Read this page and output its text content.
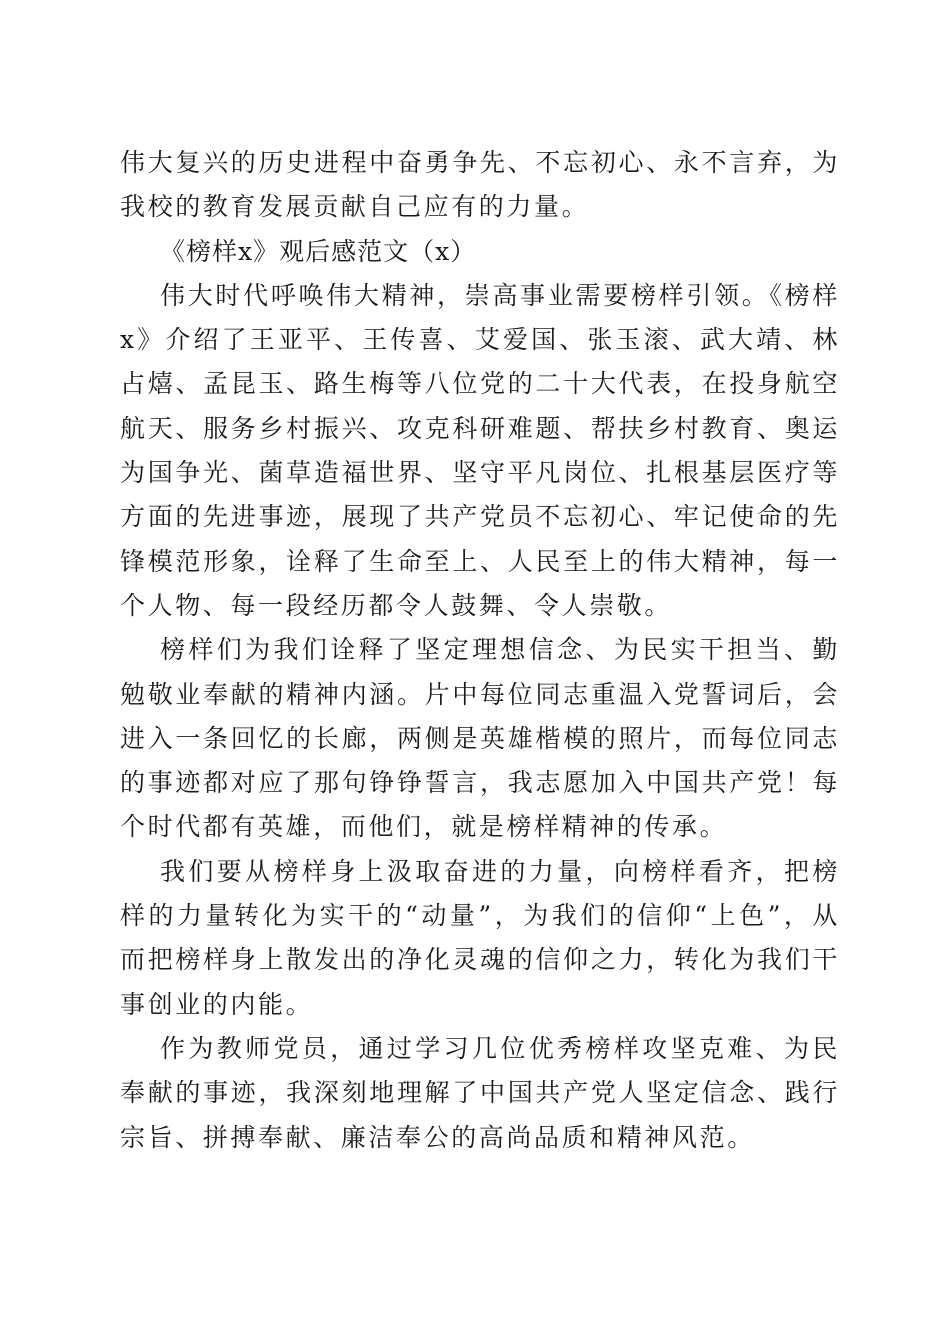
伟大复兴的历史进程中奋勇争先、不忘初心、永不言弃，为我校的教育发展贡献自己应有的力量。

《榜样x》观后感范文（x）

伟大时代呼唤伟大精神，崇高事业需要榜样引领。《榜样x》介绍了王亚平、王传喜、艾爱国、张玉滚、武大靖、林占熺、孟昆玉、路生梅等八位党的二十大代表，在投身航空航天、服务乡村振兴、攻克科研难题、帮扶乡村教育、奥运为国争光、菌草造福世界、坚守平凡岗位、扎根基层医疗等方面的先进事迹，展现了共产党员不忘初心、牢记使命的先锋模范形象，诠释了生命至上、人民至上的伟大精神，每一个人物、每一段经历都令人鼓舞、令人崇敬。

榜样们为我们诠释了坚定理想信念、为民实干担当、勤勉敬业奉献的精神内涵。片中每位同志重温入党誓词后，会进入一条回忆的长廊，两侧是英雄楷模的照片，而每位同志的事迹都对应了那句铮铮誓言，我志愿加入中国共产党！每个时代都有英雄，而他们，就是榜样精神的传承。

我们要从榜样身上汲取奋进的力量，向榜样看齐，把榜样的力量转化为实干的“动量”，为我们的信仰“上色”，从而把榜样身上散发出的净化灵魂的信仰之力，转化为我们干事创业的内能。

作为教师党员，通过学习几位优秀榜样攻坚克难、为民奉献的事迹，我深刻地理解了中国共产党人坚定信念、践行宗旨、拼搏奉献、廉洁奉公的高尚品质和精神风范。
